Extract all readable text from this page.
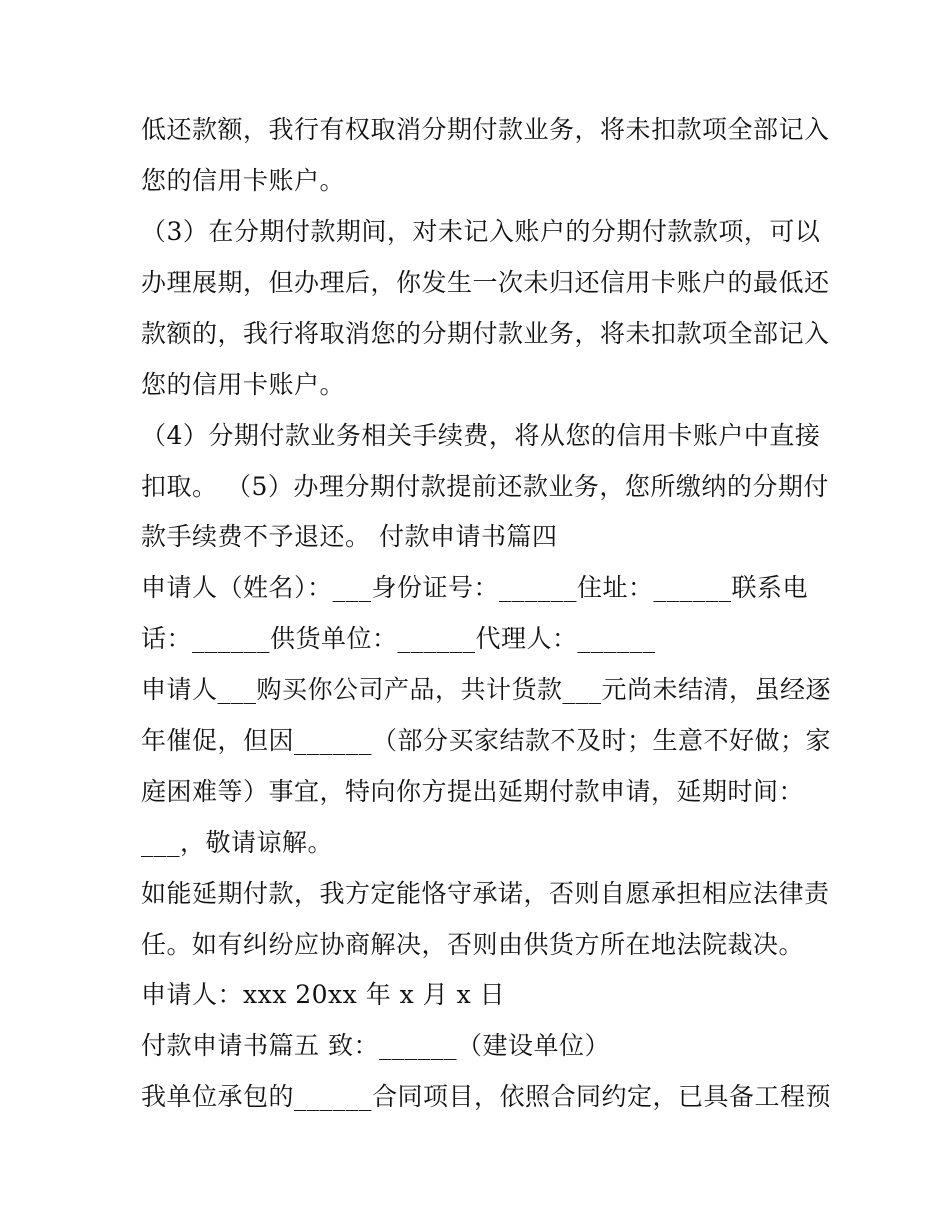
低还款额，我行有权取消分期付款业务，将未扣款项全部记入
您的信用卡账户。
（3）在分期付款期间，对未记入账户的分期付款款项，可以
办理展期，但办理后，你发生一次未归还信用卡账户的最低还
款额的，我行将取消您的分期付款业务，将未扣款项全部记入
您的信用卡账户。
（4）分期付款业务相关手续费，将从您的信用卡账户中直接
扣取。 （5）办理分期付款提前还款业务，您所缴纳的分期付
款手续费不予退还。 付款申请书篇四
申请人（姓名）：___身份证号：______住址：______联系电
话：______供货单位：______代理人：______
申请人___购买你公司产品，共计货款___元尚未结清，虽经逐
年催促，但因______（部分买家结款不及时；生意不好做；家
庭困难等）事宜，特向你方提出延期付款申请，延期时间：
___，敬请谅解。
如能延期付款，我方定能恪守承诺，否则自愿承担相应法律责
任。如有纠纷应协商解决，否则由供货方所在地法院裁决。
申请人：xxx 20xx 年 x 月 x 日
付款申请书篇五 致：______（建设单位）
我单位承包的______合同项目，依照合同约定，已具备工程预
